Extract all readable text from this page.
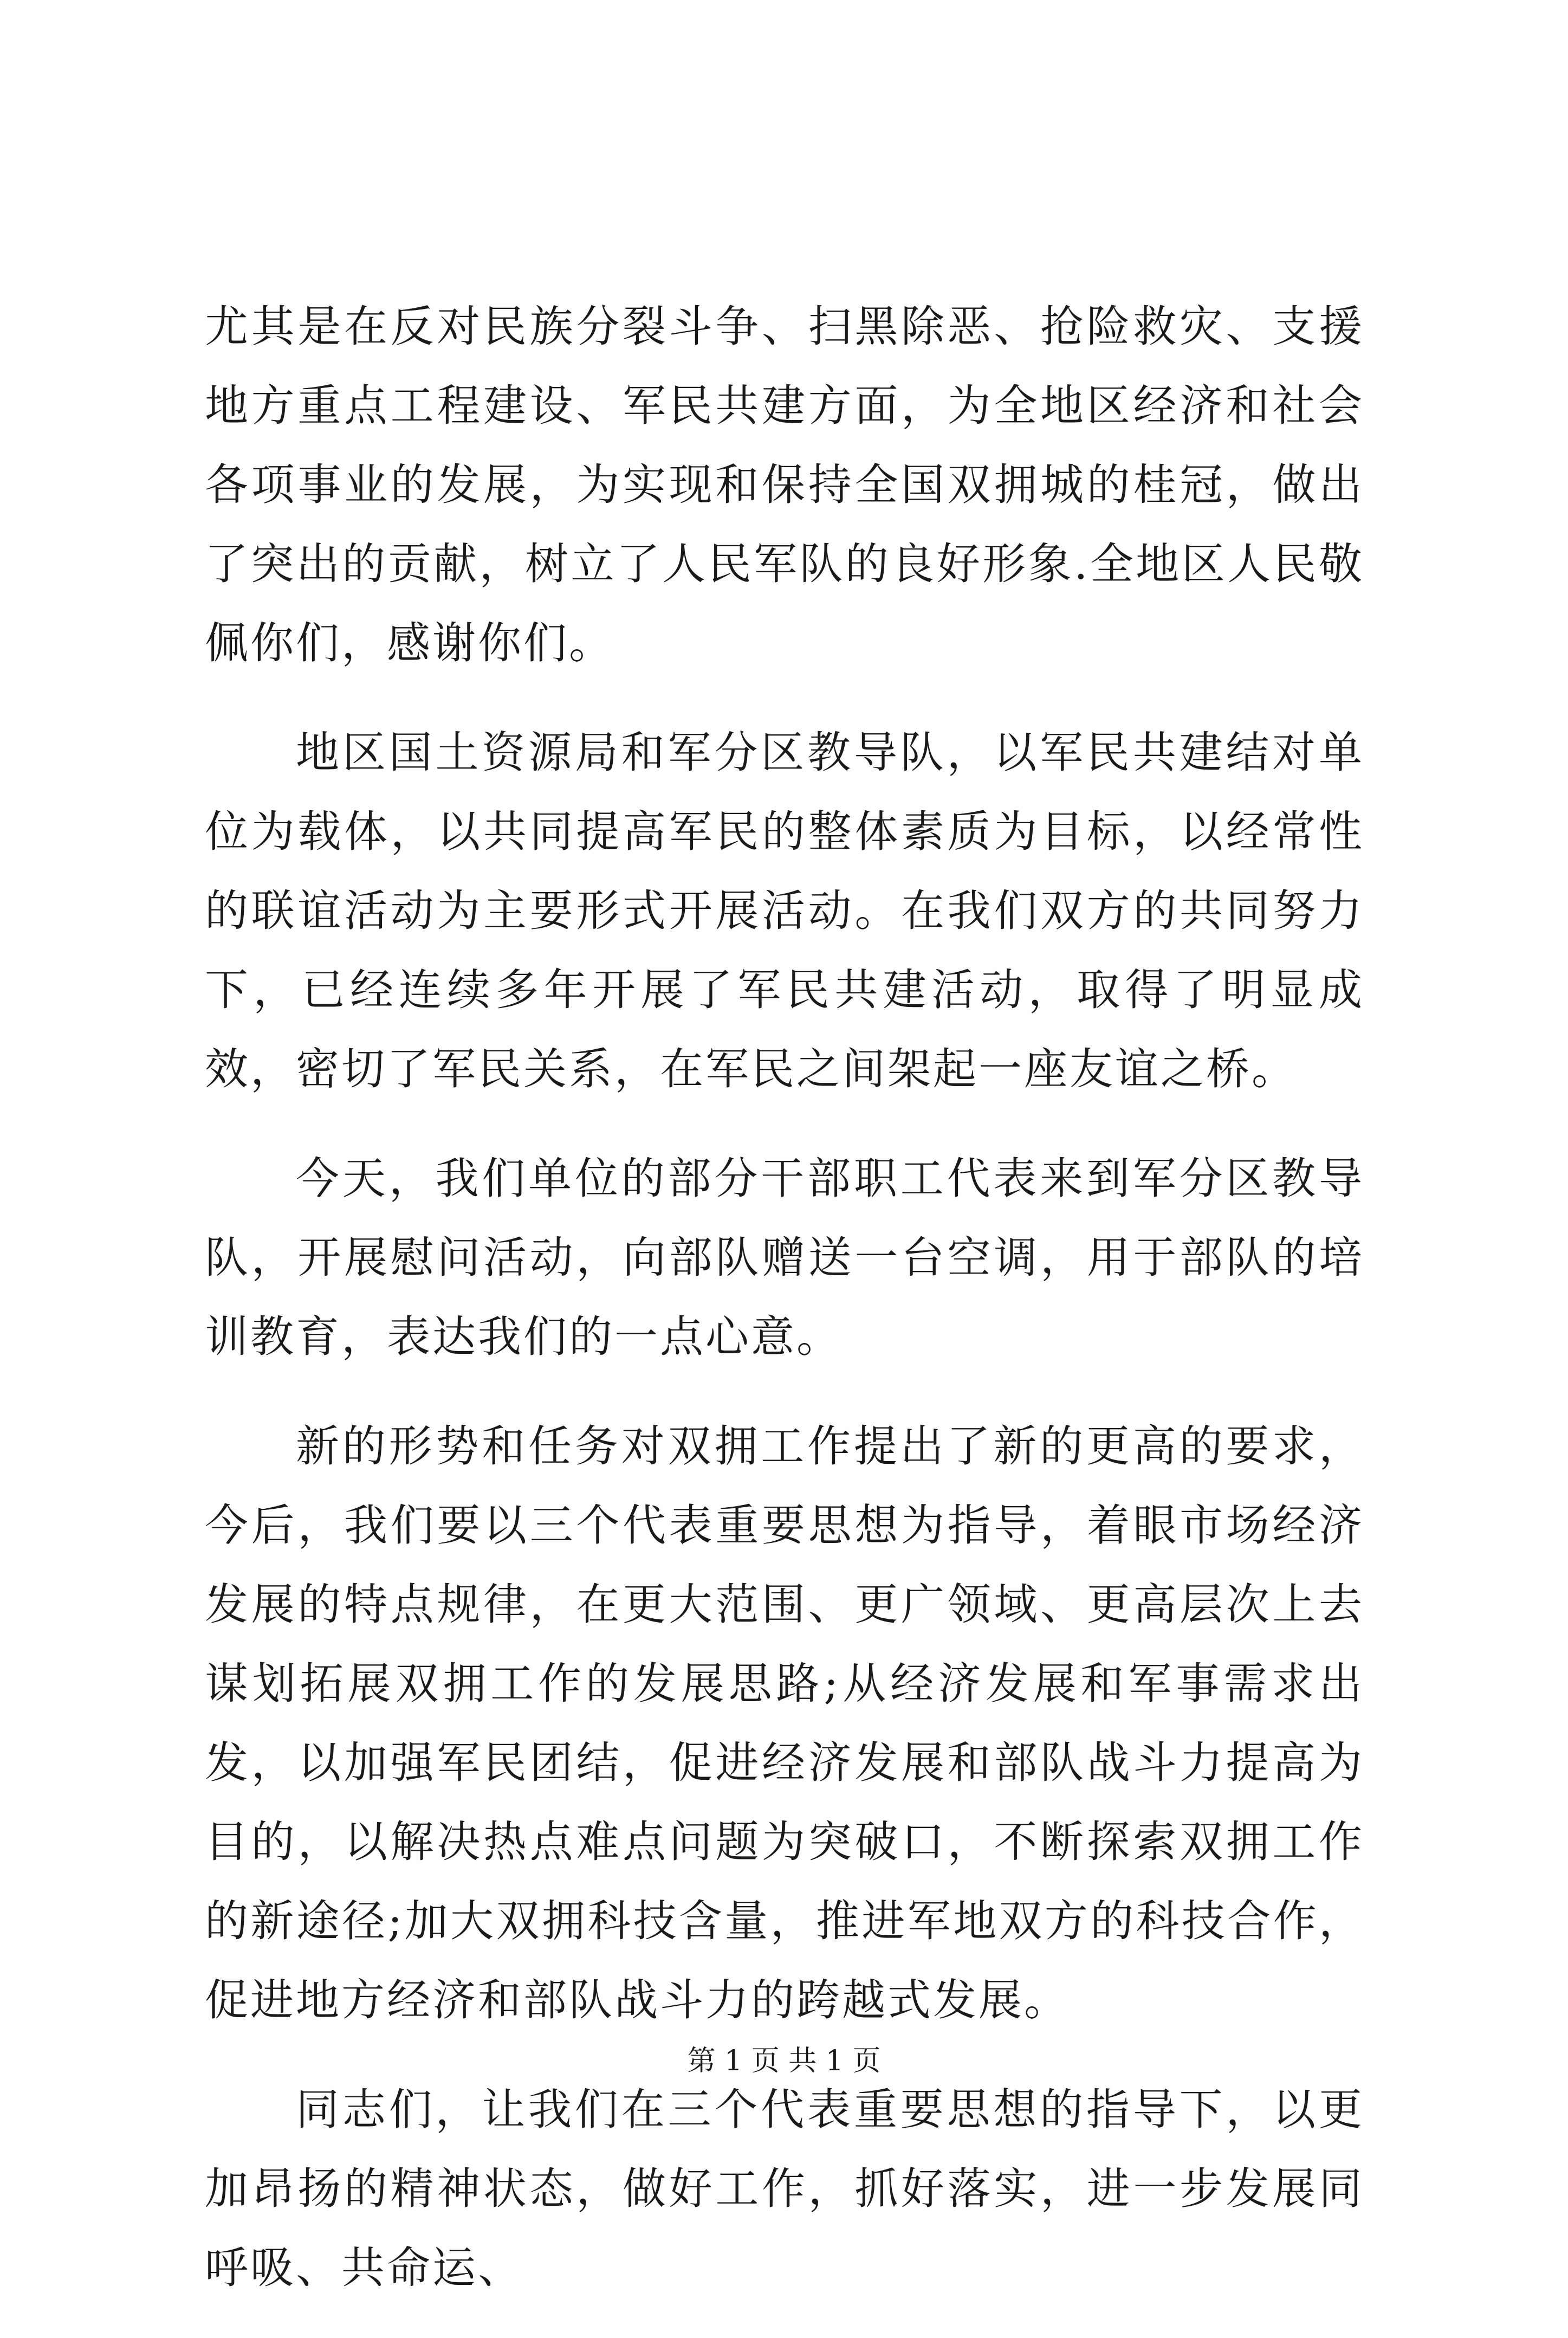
尤其是在反对民族分裂斗争、扫黑除恶、抢险救灾、支援地方重点工程建设、军民共建方面，为全地区经济和社会各项事业的发展，为实现和保持全国双拥城的桂冠，做出了突出的贡献，树立了人民军队的良好形象.全地区人民敬佩你们，感谢你们。

地区国土资源局和军分区教导队，以军民共建结对单位为载体，以共同提高军民的整体素质为目标，以经常性的联谊活动为主要形式开展活动。在我们双方的共同努力下，已经连续多年开展了军民共建活动，取得了明显成效，密切了军民关系，在军民之间架起一座友谊之桥。

今天，我们单位的部分干部职工代表来到军分区教导队，开展慰问活动，向部队赠送一台空调，用于部队的培训教育，表达我们的一点心意。

新的形势和任务对双拥工作提出了新的更高的要求，今后，我们要以三个代表重要思想为指导，着眼市场经济发展的特点规律，在更大范围、更广领域、更高层次上去谋划拓展双拥工作的发展思路;从经济发展和军事需求出发，以加强军民团结，促进经济发展和部队战斗力提高为目的，以解决热点难点问题为突破口，不断探索双拥工作的新途径;加大双拥科技含量，推进军地双方的科技合作，促进地方经济和部队战斗力的跨越式发展。

同志们，让我们在三个代表重要思想的指导下，以更加昂扬的精神状态，做好工作，抓好落实，进一步发展同呼吸、共命运、

第 1 页 共 1 页
